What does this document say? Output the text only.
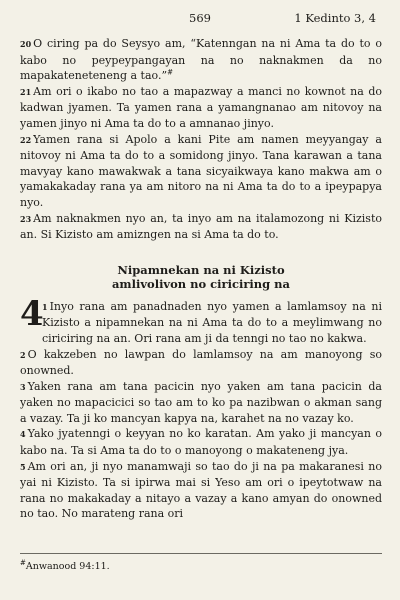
569	1 Kedinto 3, 4

20 O ciring pa do Seysyo am, “Katenngan na ni Ama ta do to o kabo no peypeypangayan na no naknakmen da no mapakateneteneng a tao.”#

21 Am ori o ikabo no tao a mapazway a manci no kownot na do kadwan jyamen. Ta yamen rana a yamangnanao am nitovoy na yamen jinyo ni Ama ta do to a amnanao jinyo.

22 Yamen rana si Apolo a kani Pite am namen meyyangay a nitovoy ni Ama ta do to a somidong jinyo. Tana karawan a tana mavyay kano mawakwak a tana sicyaikwaya kano makwa am o yamakakaday rana ya am nitoro na ni Ama ta do to a ipeypapya nyo.

23 Am naknakmen nyo an, ta inyo am na italamozong ni Kizisto an. Si Kizisto am amizngen na si Ama ta do to.

Nipamnekan na ni Kizisto
amlivolivon no ciriciring na

4
1 Inyo rana am panadnaden nyo yamen a lamlamsoy na ni Kizisto a nipamnekan na ni Ama ta do to a meylimwang no ciriciring na an. Ori rana am ji da tenngi no tao no kakwa.

2 O kakzeben no lawpan do lamlamsoy na am manoyong so onowned.

3 Yaken rana am tana pacicin nyo yaken am tana pacicin da yaken no mapacicici so tao am to ko pa nazibwan o akman sang a vazay. Ta ji ko mancyan kapya na, karahet na no vazay ko.

4 Yako jyatenngi o keyyan no ko karatan. Am yako ji mancyan o kabo na. Ta si Ama ta do to o manoyong o makateneng jya.

5 Am ori an, ji nyo manamwaji so tao do ji na pa makaranesi no yai ni Kizisto. Ta si ipirwa mai si Yeso am ori o ipeytotwaw na rana no makakaday a nitayo a vazay a kano amyan do onowned no tao. No marateng rana ori

#Anwanood 94:11.
